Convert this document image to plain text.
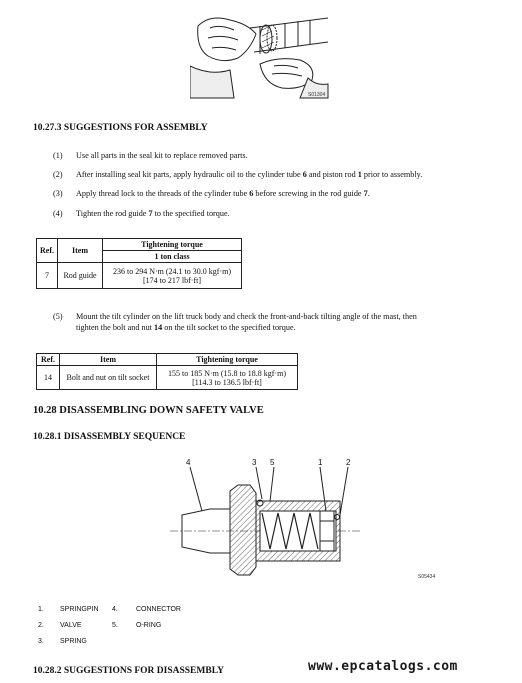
S01304
10.27.3 SUGGESTIONS FOR ASSEMBLY
(1) Use all parts in the seal kit to replace removed parts.
(2) After installing seal kit parts, apply hydraulic oil to the cylinder tube 6 and piston rod 1 prior to assembly.
(3) Apply thread lock to the threads of the cylinder tube 6 before screwing in the rod guide 7.
(4) Tighten the rod guide 7 to the specified torque.
Ref.	Item	Tightening torque
		1 ton class
7	Rod guide	236 to 294 N·m (24.1 to 30.0 kgf·m)
[174 to 217 lbf·ft]
(5) Mount the tilt cylinder on the lift truck body and check the front-and-back tilting angle of the mast, then
tighten the bolt and nut 14 on the tilt socket to the specified torque.
Ref.	Item	Tightening torque
14	Bolt and nut on tilt socket	155 to 185 N·m (15.8 to 18.8 kgf·m)
[114.3 to 136.5 lbf·ft]
10.28 DISASSEMBLING DOWN SAFETY VALVE
10.28.1 DISASSEMBLY SEQUENCE
4	3 5	1	2
S05434
1. SPRINGPIN 4.	CONNECTOR
2. VALVE	5.	O-RING
3. SPRING
10.28.2 SUGGESTIONS FOR DISASSEMBLY	www.epcatalogs.com
